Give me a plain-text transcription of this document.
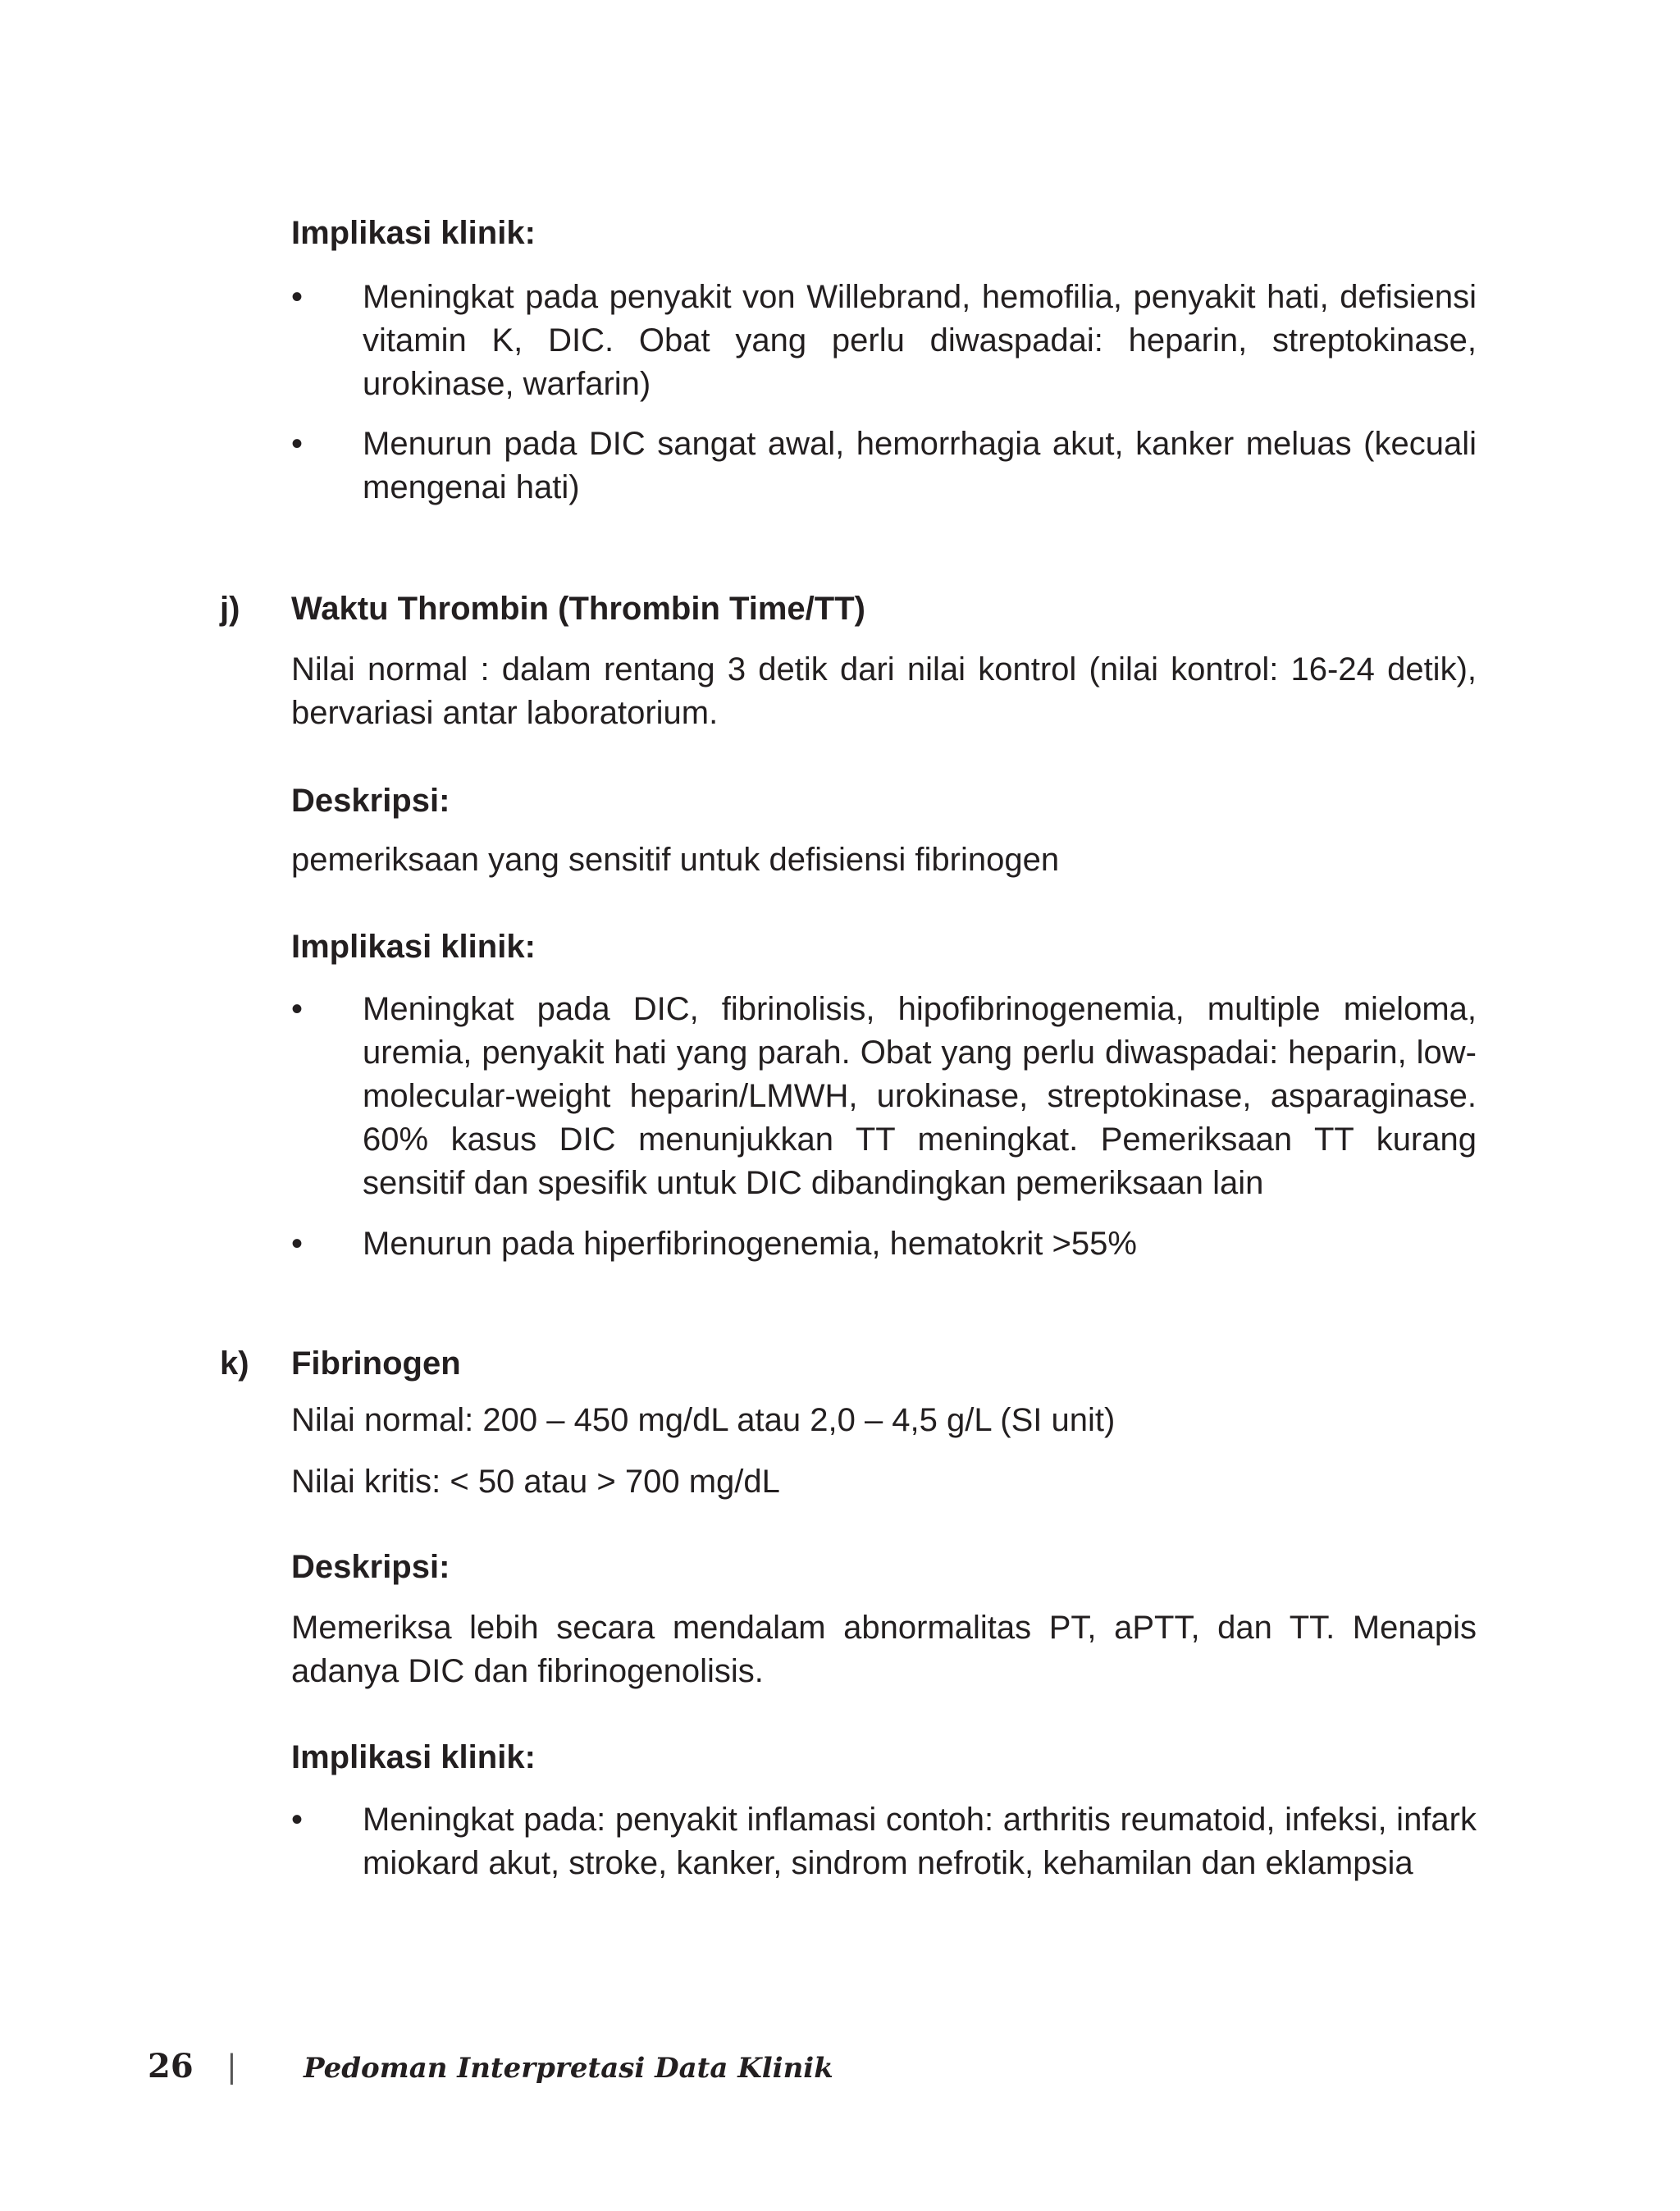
Implikasi klinik:
• Meningkat pada penyakit von Willebrand, hemofilia, penyakit hati, defisiensi vitamin K, DIC. Obat yang perlu diwaspadai: heparin, streptokinase, urokinase, warfarin)
• Menurun pada DIC sangat awal, hemorrhagia akut, kanker meluas (kecuali mengenai hati)
j) Waktu Thrombin (Thrombin Time/TT)
Nilai normal : dalam rentang 3 detik dari nilai kontrol (nilai kontrol: 16-24 detik), bervariasi antar laboratorium.
Deskripsi:
pemeriksaan yang sensitif untuk defisiensi fibrinogen
Implikasi klinik:
• Meningkat pada DIC, fibrinolisis, hipofibrinogenemia, multiple mieloma, uremia, penyakit hati yang parah. Obat yang perlu diwaspadai: heparin, low-molecular-weight heparin/LMWH, urokinase, streptokinase, asparaginase. 60% kasus DIC menunjukkan TT meningkat. Pemeriksaan TT kurang sensitif dan spesifik untuk DIC dibandingkan pemeriksaan lain
• Menurun pada hiperfibrinogenemia, hematokrit >55%
k) Fibrinogen
Nilai normal: 200 – 450 mg/dL atau 2,0 – 4,5 g/L (SI unit)
Nilai kritis: < 50 atau > 700 mg/dL
Deskripsi:
Memeriksa lebih secara mendalam abnormalitas PT, aPTT, dan TT. Menapis adanya DIC dan fibrinogenolisis.
Implikasi klinik:
• Meningkat pada: penyakit inflamasi contoh: arthritis reumatoid, infeksi, infark miokard akut, stroke, kanker, sindrom nefrotik, kehamilan dan eklampsia
26 | Pedoman Interpretasi Data Klinik
